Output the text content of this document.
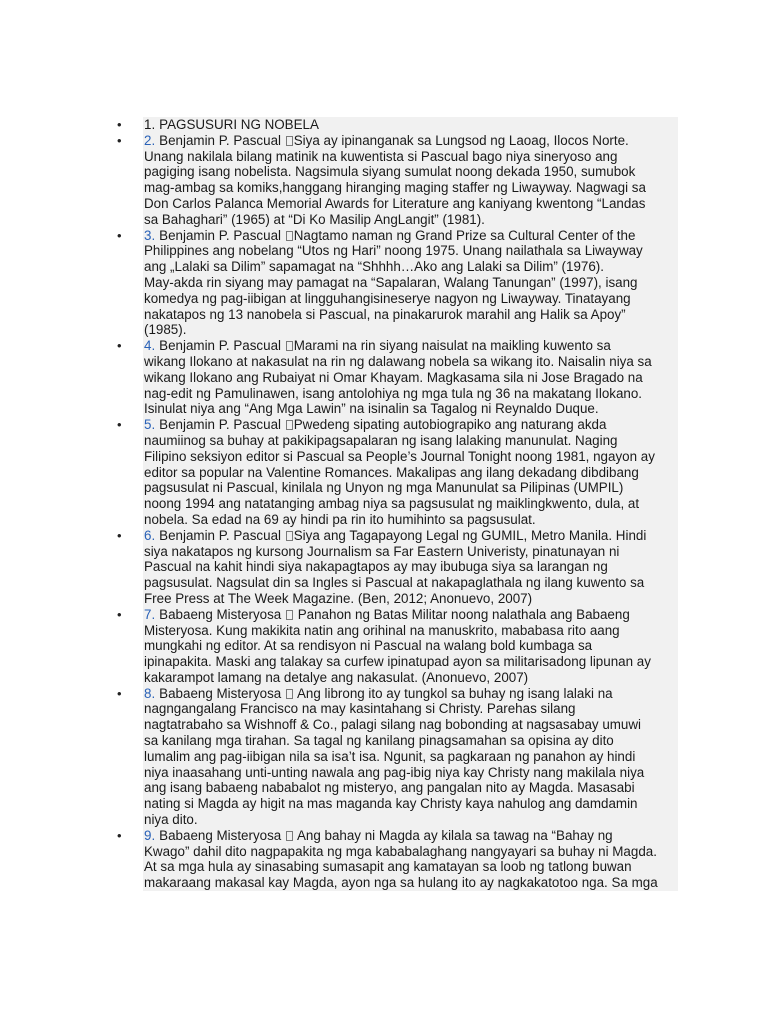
• 1. PAGSUSURI NG NOBELA
• 2. Benjamin P. Pascual Siya ay ipinanganak sa Lungsod ng Laoag, Ilocos Norte.
Unang nakilala bilang matinik na kuwentista si Pascual bago niya sineryoso ang
pagiging isang nobelista. Nagsimula siyang sumulat noong dekada 1950, sumubok
mag-ambag sa komiks,hanggang hiranging maging staffer ng Liwayway. Nagwagi sa
Don Carlos Palanca Memorial Awards for Literature ang kaniyang kwentong “Landas
sa Bahaghari” (1965) at “Di Ko Masilip AngLangit” (1981).
• 3. Benjamin P. Pascual Nagtamo naman ng Grand Prize sa Cultural Center of the
Philippines ang nobelang “Utos ng Hari” noong 1975. Unang nailathala sa Liwayway
ang „Lalaki sa Dilim” sapamagat na “Shhhh…Ako ang Lalaki sa Dilim” (1976).
May-akda rin siyang may pamagat na “Sapalaran, Walang Tanungan” (1997), isang
komedya ng pag-iibigan at lingguhangisineserye nagyon ng Liwayway. Tinatayang
nakatapos ng 13 nanobela si Pascual, na pinakarurok marahil ang Halik sa Apoy”
(1985).
• 4. Benjamin P. Pascual Marami na rin siyang naisulat na maikling kuwento sa
wikang Ilokano at nakasulat na rin ng dalawang nobela sa wikang ito. Naisalin niya sa
wikang Ilokano ang Rubaiyat ni Omar Khayam. Magkasama sila ni Jose Bragado na
nag-edit ng Pamulinawen, isang antolohiya ng mga tula ng 36 na makatang Ilokano.
Isinulat niya ang “Ang Mga Lawin” na isinalin sa Tagalog ni Reynaldo Duque.
• 5. Benjamin P. Pascual Pwedeng sipating autobiograpiko ang naturang akda
naumiinog sa buhay at pakikipagsapalaran ng isang lalaking manunulat. Naging
Filipino seksiyon editor si Pascual sa People’s Journal Tonight noong 1981, ngayon ay
editor sa popular na Valentine Romances. Makalipas ang ilang dekadang dibdibang
pagsusulat ni Pascual, kinilala ng Unyon ng mga Manunulat sa Pilipinas (UMPIL)
noong 1994 ang natatanging ambag niya sa pagsusulat ng maiklingkwento, dula, at
nobela. Sa edad na 69 ay hindi pa rin ito humihinto sa pagsusulat.
• 6. Benjamin P. Pascual Siya ang Tagapayong Legal ng GUMIL, Metro Manila. Hindi
siya nakatapos ng kursong Journalism sa Far Eastern Univeristy, pinatunayan ni
Pascual na kahit hindi siya nakapagtapos ay may ibubuga siya sa larangan ng
pagsusulat. Nagsulat din sa Ingles si Pascual at nakapaglathala ng ilang kuwento sa
Free Press at The Week Magazine. (Ben, 2012; Anonuevo, 2007)
• 7. Babaeng Misteryosa Panahon ng Batas Militar noong nalathala ang Babaeng
Misteryosa. Kung makikita natin ang orihinal na manuskrito, mababasa rito aang
mungkahi ng editor. At sa rendisyon ni Pascual na walang bold kumbaga sa
ipinapakita. Maski ang talakay sa curfew ipinatupad ayon sa militarisadong lipunan ay
kakarampot lamang na detalye ang nakasulat. (Anonuevo, 2007)
• 8. Babaeng Misteryosa Ang librong ito ay tungkol sa buhay ng isang lalaki na
nagngangalang Francisco na may kasintahang si Christy. Parehas silang
nagtatrabaho sa Wishnoff & Co., palagi silang nag bobonding at nagsasabay umuwi
sa kanilang mga tirahan. Sa tagal ng kanilang pinagsamahan sa opisina ay dito
lumalim ang pag-iibigan nila sa isa’t isa. Ngunit, sa pagkaraan ng panahon ay hindi
niya inaasahang unti-unting nawala ang pag-ibig niya kay Christy nang makilala niya
ang isang babaeng nababalot ng misteryo, ang pangalan nito ay Magda. Masasabi
nating si Magda ay higit na mas maganda kay Christy kaya nahulog ang damdamin
niya dito.
• 9. Babaeng Misteryosa Ang bahay ni Magda ay kilala sa tawag na “Bahay ng
Kwago” dahil dito nagpapakita ng mga kababalaghang nangyayari sa buhay ni Magda.
At sa mga hula ay sinasabing sumasapit ang kamatayan sa loob ng tatlong buwan
makaraang makasal kay Magda, ayon nga sa hulang ito ay nagkakatotoo nga. Sa mga
